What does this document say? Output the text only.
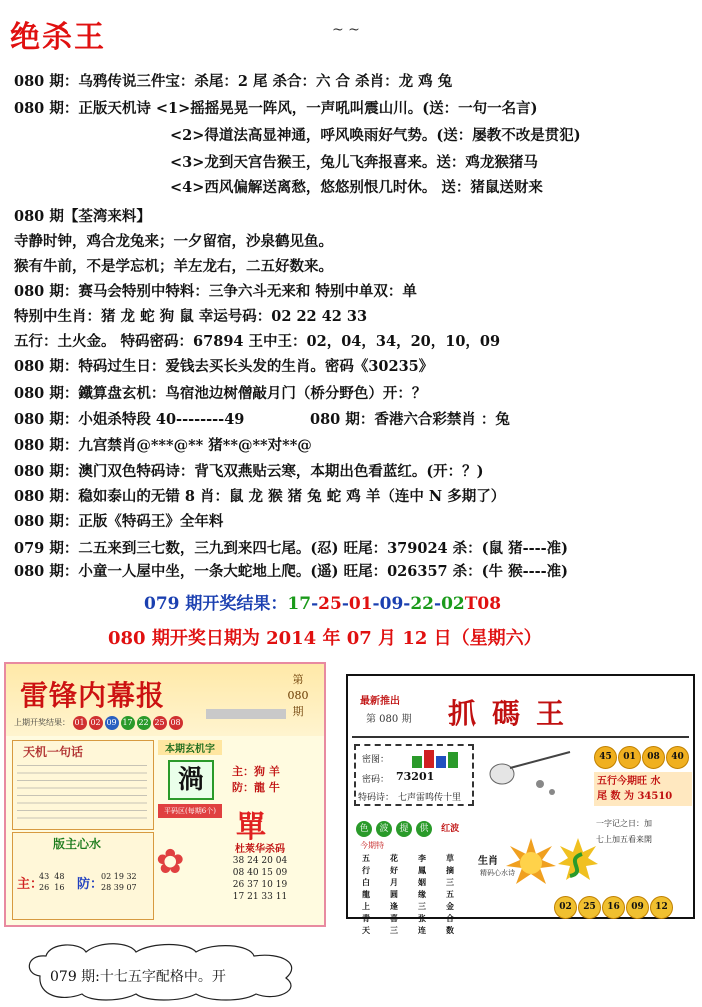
绝杀王	~ ~
080 期：乌鸦传说三件宝：杀尾：2 尾 杀合：六 合 杀肖：龙 鸡 兔
080 期：正版天机诗 <1>摇摇晃晃一阵风，一声吼叫震山川。(送：一句一名言)
<2>得道法高显神通，呼风唤雨好气势。(送：屡教不改是贯犯)
<3>龙到天宫告猴王，兔儿飞奔报喜来。送：鸡龙猴猪马
<4>西风偏解送离愁，悠悠别恨几时休。 送：猪鼠送财来
080 期【荃湾来料】
寺静时钟，鸡合龙兔来；一夕留宿，沙泉鹤见鱼。
猴有牛前，不是学忘机；羊左龙右，二五好数来。
080 期：赛马会特别中特料：三争六斗无来和 特别中单双：单
特别中生肖：猪 龙 蛇 狗 鼠 幸运号码：02 22 42 33
五行：土火金。 特码密码：67894 王中王：02，04，34，20，10，09
080 期：特码过生日：爱钱去买长头发的生肖。密码《30235》
080 期：鐵算盘玄机：鸟宿池边树僧敲月门（桥分野色）开：？
080 期：小姐杀特段 40--------49	080 期：香港六合彩禁肖 ：兔
080 期：九宫禁肖@***@** 猪**@**对**@
080 期：澳门双色特码诗：背飞双燕贴云寒，本期出色看蓝红。(开：？)
080 期：稳如泰山的无错 8 肖：鼠 龙 猴 猪 兔 蛇 鸡 羊（连中 N 多期了）
080 期：正版《特码王》全年料
079 期：二五来到三七数，三九到来四七尾。(忍) 旺尾：379024 杀：(鼠 猪----准)
080 期：小童一人屋中坐，一条大蛇地上爬。(遥) 旺尾：026357 杀：(牛 猴----准)
079 期开奖结果：17-25-01-09-22-02T08
080 期开奖日期为 2014 年 07 月 12 日（星期六）
雷锋内幕报	第
080
期
上期开奖结果： 01 02 09 17 22 25 08
天机一句话
版主心水
主：
43  48
26  16 防：
02 19 32
28 39 07
本期玄机字
渦
平码区(每期6个) 單
主：狗 羊
防：龍 牛
✿	杜萊华杀码
38 24 20 04
08 40 15 09
26 37 10 19
17 21 33 11
最新推出
第 080 期 抓碼王
密图：
密码： 73201
特码诗： 七声雷鸣传十里
45 01 08 40
五行今期旺 水
尾 数 为 34510
色 波 提 供 红波
今期特
生肖
精码心水诗
五行白龍上青天
花好月圆逢喜三
李鳳姻缘三张连
草摘三五金合数
一字记之日：加
七上加五看来開
02 25 16 09 12
079 期:十七五字配格中。开
